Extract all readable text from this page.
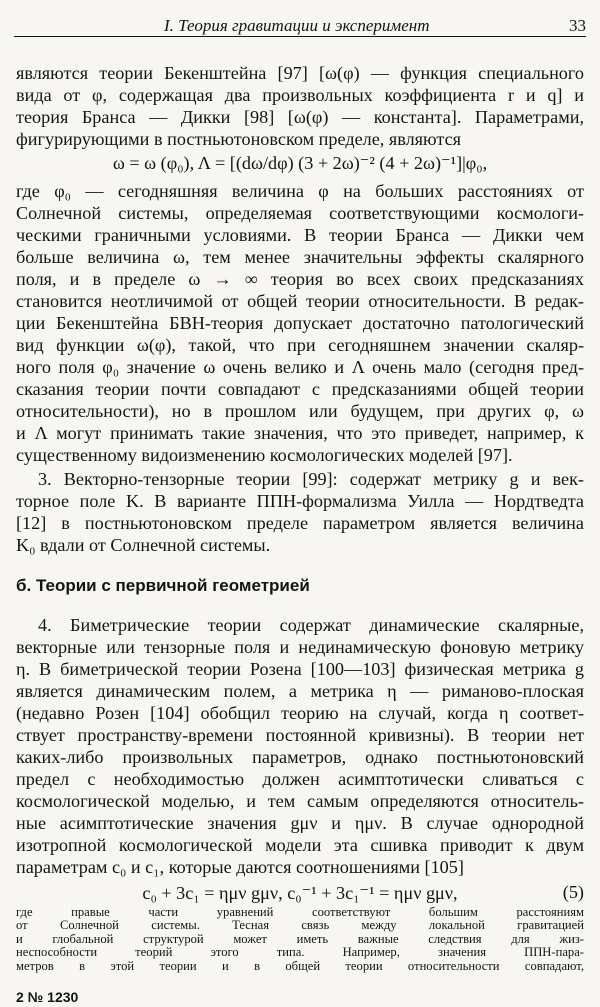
I. Теория гравитации и эксперимент	33
являются теории Бекенштейна [97] [ω(φ) — функция специального
вида от φ, содержащая два произвольных коэффициента r и q] и
теория Бранса — Дикки [98] [ω(φ) — константа]. Параметрами,
фигурирующими в постньютоновском пределе, являются
ω = ω (φ₀), Λ = [(dω/dφ) (3 + 2ω)⁻² (4 + 2ω)⁻¹]|φ₀,
где φ₀ — сегодняшняя величина φ на больших расстояниях от
Солнечной системы, определяемая соответствующими космологи-
ческими граничными условиями. В теории Бранса — Дикки чем
больше величина ω, тем менее значительны эффекты скалярного
поля, и в пределе ω → ∞ теория во всех своих предсказаниях
становится неотличимой от общей теории относительности. В редак-
ции Бекенштейна БВН-теория допускает достаточно патологический
вид функции ω(φ), такой, что при сегодняшнем значении скаляр-
ного поля φ₀ значение ω очень велико и Λ очень мало (сегодня пред-
сказания теории почти совпадают с предсказаниями общей теории
относительности), но в прошлом или будущем, при других φ, ω
и Λ могут принимать такие значения, что это приведет, например, к
существенному видоизменению космологических моделей [97].
3. Векторно-тензорные теории [99]: содержат метрику g и век-
торное поле K. В варианте ППН-формализма Уилла — Нордтведта
[12] в постньютоновском пределе параметром является величина
K₀ вдали от Солнечной системы.
б. Теории с первичной геометрией
4. Биметрические теории содержат динамические скалярные,
векторные или тензорные поля и нединамическую фоновую метрику
η. В биметрической теории Розена [100—103] физическая метрика g
является динамическим полем, а метрика η — риманово-плоская
(недавно Розен [104] обобщил теорию на случай, когда η соответ-
ствует пространству-времени постоянной кривизны). В теории нет
каких-либо произвольных параметров, однако постньютоновский
предел с необходимостью должен асимптотически сливаться с
космологической моделью, и тем самым определяются относитель-
ные асимптотические значения gμν и ημν. В случае однородной
изотропной космологической модели эта сшивка приводит к двум
параметрам c₀ и c₁, которые даются соотношениями [105]
c₀ + 3c₁ = ημν gμν, c₀⁻¹ + 3c₁⁻¹ = ημν gμν,	(5)
где правые части уравнений соответствуют большим расстояниям
от Солнечной системы. Тесная связь между локальной гравитацией
и глобальной структурой может иметь важные следствия для жиз-
неспособности теорий этого типа. Например, значения ППН-пара-
метров в этой теории и в общей теории относительности совпадают,
2 № 1230
